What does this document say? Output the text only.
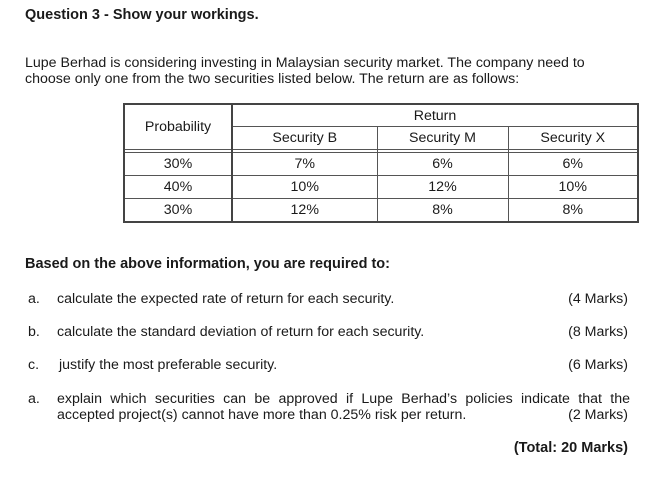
Question 3 - Show your workings.
Lupe Berhad is considering investing in Malaysian security market. The company need to choose only one from the two securities listed below. The return are as follows:
Probability	Return		
	Security B	Security M	Security X

30%	7%	6%	6%
40%	10%	12%	10%
30%	12%	8%	8%
Based on the above information, you are required to:
a. calculate the expected rate of return for each security.	(4 Marks)
b. calculate the standard deviation of return for each security.	(8 Marks)
c. justify the most preferable security.	(6 Marks)
a. explain which securities can be approved if Lupe Berhad’s policies indicate that the accepted project(s) cannot have more than 0.25% risk per return.	(2 Marks)
(Total: 20 Marks)
